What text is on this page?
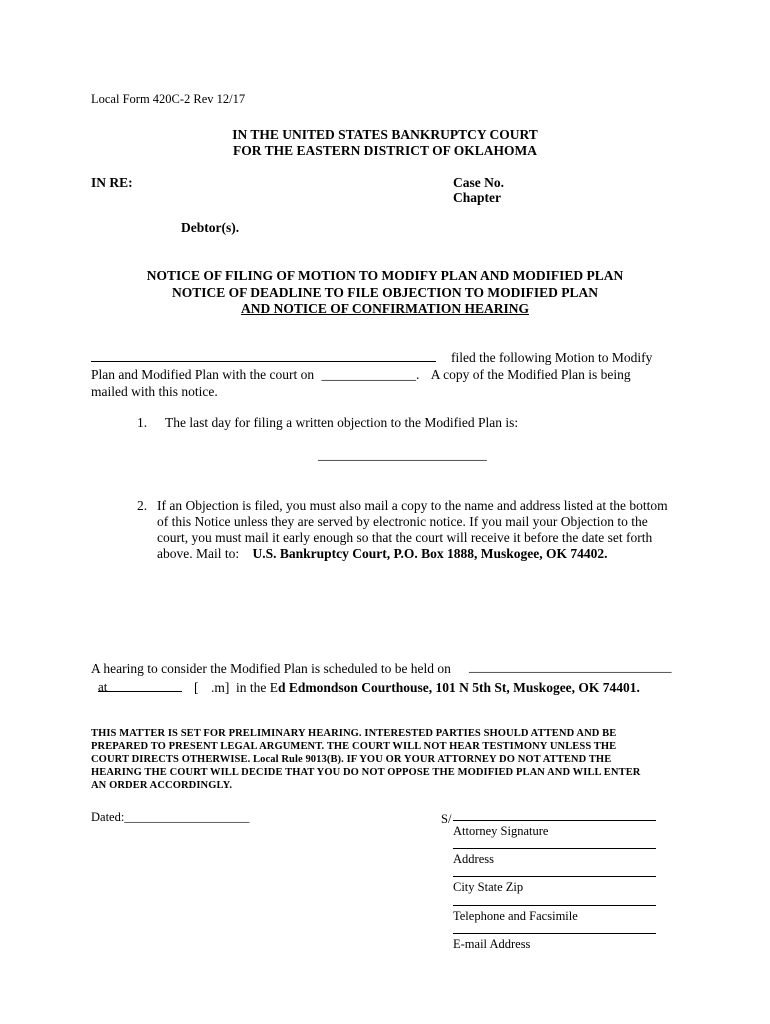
Local Form 420C-2 Rev 12/17
IN THE UNITED STATES BANKRUPTCY COURT
FOR THE EASTERN DISTRICT OF OKLAHOMA
IN RE:	Case No.
Chapter
Debtor(s).
NOTICE OF FILING OF MOTION TO MODIFY PLAN AND MODIFIED PLAN
NOTICE OF DEADLINE TO FILE OBJECTION TO MODIFIED PLAN
AND NOTICE OF CONFIRMATION HEARING
filed the following Motion to Modify
Plan and Modified Plan with the court on ______________. A copy of the Modified Plan is being
mailed with this notice.
1. The last day for filing a written objection to the Modified Plan is:
_________________________
2. If an Objection is filed, you must also mail a copy to the name and address listed at the bottom
of this Notice unless they are served by electronic notice. If you mail your Objection to the
court, you must mail it early enough so that the court will receive it before the date set forth
above. Mail to: U.S. Bankruptcy Court, P.O. Box 1888, Muskogee, OK 74402.
A hearing to consider the Modified Plan is scheduled to be held on ______________________________
at	[ .m] in the Ed Edmondson Courthouse, 101 N 5th St, Muskogee, OK 74401.
THIS MATTER IS SET FOR PRELIMINARY HEARING. INTERESTED PARTIES SHOULD ATTEND AND BE
PREPARED TO PRESENT LEGAL ARGUMENT. THE COURT WILL NOT HEAR TESTIMONY UNLESS THE
COURT DIRECTS OTHERWISE. Local Rule 9013(B). IF YOU OR YOUR ATTORNEY DO NOT ATTEND THE
HEARING THE COURT WILL DECIDE THAT YOU DO NOT OPPOSE THE MODIFIED PLAN AND WILL ENTER
AN ORDER ACCORDINGLY.
Dated:____________________	S/
Attorney Signature
Address
City State Zip
Telephone and Facsimile
E-mail Address
